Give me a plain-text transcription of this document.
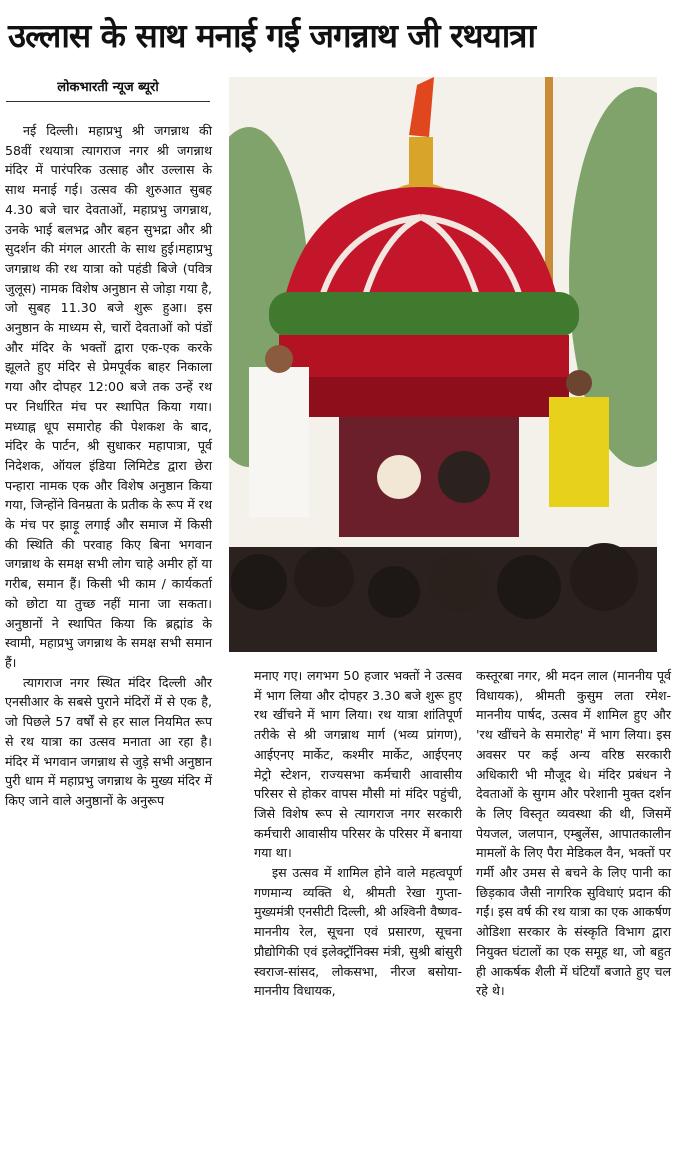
उल्लास के साथ मनाई गई जगन्नाथ जी रथयात्रा
लोकभारती न्यूज ब्यूरो

नई दिल्ली। महाप्रभु श्री जगन्नाथ की 58वीं रथयात्रा त्यागराज नगर श्री जगन्नाथ मंदिर में पारंपरिक उत्साह और उल्लास के साथ मनाई गई। उत्सव की शुरुआत सुबह 4.30 बजे चार देवताओं, महाप्रभु जगन्नाथ, उनके भाई बलभद्र और बहन सुभद्रा और श्री सुदर्शन की मंगल आरती के साथ हुई।महाप्रभु जगन्नाथ की रथ यात्रा को पहंडी बिजे (पवित्र जुलूस) नामक विशेष अनुष्ठान से जोड़ा गया है, जो सुबह 11.30 बजे शुरू हुआ। इस अनुष्ठान के माध्यम से, चारों देवताओं को पंडों और मंदिर के भक्तों द्वारा एक-एक करके झूलते हुए मंदिर से प्रेमपूर्वक बाहर निकाला गया और दोपहर 12:00 बजे तक उन्हें रथ पर निर्धारित मंच पर स्थापित किया गया। मध्याह्न धूप समारोह की पेशकश के बाद, मंदिर के पार्टन, श्री सुधाकर महापात्रा, पूर्व निदेशक, ऑयल इंडिया लिमिटेड द्वारा छेरा पन्हारा नामक एक और विशेष अनुष्ठान किया गया, जिन्होंने विनम्रता के प्रतीक के रूप में रथ के मंच पर झाड़ू लगाई और समाज में किसी की स्थिति की परवाह किए बिना भगवान जगन्नाथ के समक्ष सभी लोग चाहे अमीर हों या गरीब, समान हैं। किसी भी काम / कार्यकर्ता को छोटा या तुच्छ नहीं माना जा सकता। अनुष्ठानों ने स्थापित किया कि ब्रह्मांड के स्वामी, महाप्रभु जगन्नाथ के समक्ष सभी समान हैं।

त्यागराज नगर स्थित मंदिर दिल्ली और एनसीआर के सबसे पुराने मंदिरों में से एक है, जो पिछले 57 वर्षों से हर साल नियमित रूप से रथ यात्रा का उत्सव मनाता आ रहा है। मंदिर में भगवान जगन्नाथ से जुड़े सभी अनुष्ठान पुरी धाम में महाप्रभु जगन्नाथ के मुख्य मंदिर में किए जाने वाले अनुष्ठानों के अनुरूप

मनाए गए। लगभग 50 हजार भक्तों ने उत्सव में भाग लिया और दोपहर 3.30 बजे शुरू हुए रथ खींचने में भाग लिया। रथ यात्रा शांतिपूर्ण तरीके से श्री जगन्नाथ मार्ग (भव्य प्रांगण), आईएनए मार्केट, कश्मीर मार्केट, आईएनए मेट्रो स्टेशन, राज्यसभा कर्मचारी आवासीय परिसर से होकर वापस मौसी मां मंदिर पहुंची, जिसे विशेष रूप से त्यागराज नगर सरकारी कर्मचारी आवासीय परिसर के परिसर में बनाया गया था।

इस उत्सव में शामिल होने वाले महत्वपूर्ण गणमान्य व्यक्ति थे, श्रीमती रेखा गुप्ता-मुख्यमंत्री एनसीटी दिल्ली, श्री अश्विनी वैष्णव-माननीय रेल, सूचना एवं प्रसारण, सूचना प्रौद्योगिकी एवं इलेक्ट्रॉनिक्स मंत्री, सुश्री बांसुरी स्वराज-सांसद, लोकसभा, नीरज बसोया-माननीय विधायक,

कस्तूरबा नगर, श्री मदन लाल (माननीय पूर्व विधायक), श्रीमती कुसुम लता रमेश-माननीय पार्षद, उत्सव में शामिल हुए और 'रथ खींचने के समारोह' में भाग लिया। इस अवसर पर कई अन्य वरिष्ठ सरकारी अधिकारी भी मौजूद थे। मंदिर प्रबंधन ने देवताओं के सुगम और परेशानी मुक्त दर्शन के लिए विस्तृत व्यवस्था की थी, जिसमें पेयजल, जलपान, एम्बुलेंस, आपातकालीन मामलों के लिए पैरा मेडिकल वैन, भक्तों पर गर्मी और उमस से बचने के लिए पानी का छिड़काव जैसी नागरिक सुविधाएं प्रदान की गईं। इस वर्ष की रथ यात्रा का एक आकर्षण ओडिशा सरकार के संस्कृति विभाग द्वारा नियुक्त घंटालों का एक समूह था, जो बहुत ही आकर्षक शैली में घंटियाँ बजाते हुए चल रहे थे।
